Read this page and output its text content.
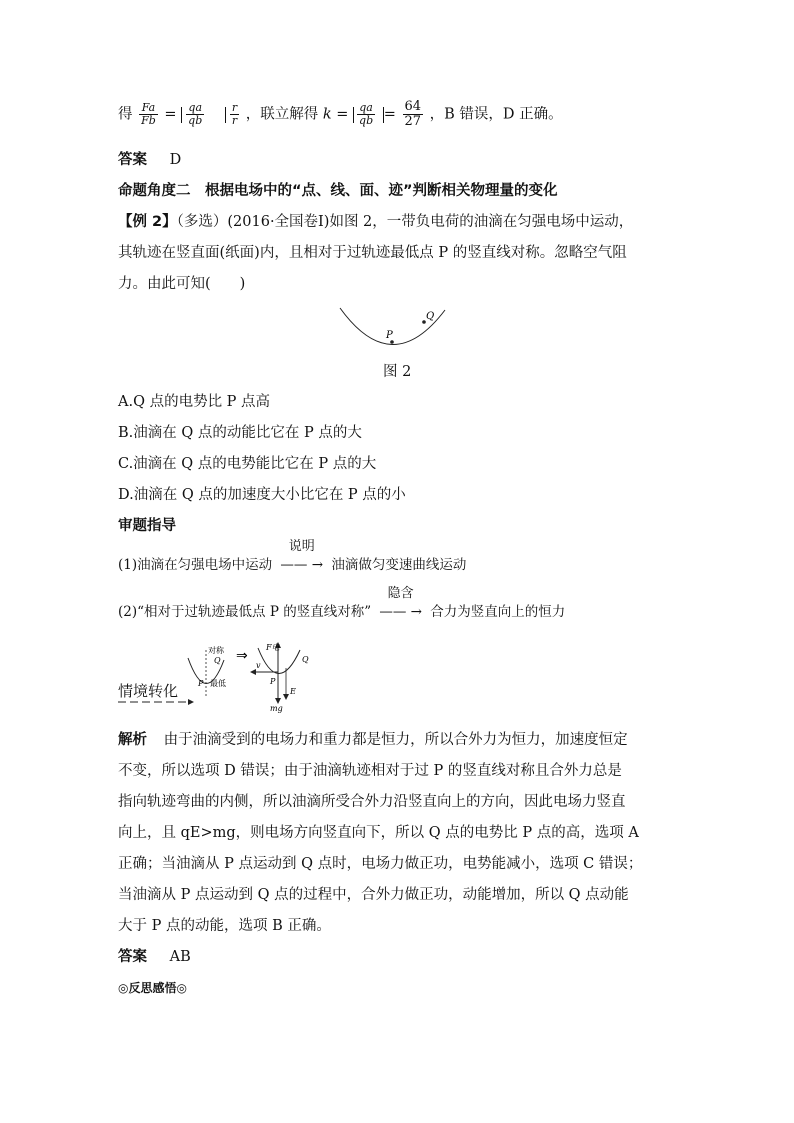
得 $\frac{Fa}{Fb} = \frac{qa}{qb}$
$\frac{r}{r}$ ，联立解得 $k = \frac{qa}{qb} = \frac{64}{27}$ ，B 错误，D 正确。
答案 D
命题角度二　根据电场中的“点、线、面、迹”判断相关物理量的变化
【例 2】（多选）(2016·全国卷Ⅰ)如图 2，一带负电荷的油滴在匀强电场中运动，
其轨迹在竖直面(纸面)内，且相对于过轨迹最低点 P 的竖直线对称。忽略空气阻
力。由此可知(　　)
P
Q
图 2
A.Q 点的电势比 P 点高
B.油滴在 Q 点的动能比它在 P 点的大
C.油滴在 Q 点的电势能比它在 P 点的大
D.油滴在 Q 点的加速度大小比它在 P 点的小
审题指导
(1)油滴在匀强电场中运动
说明
—— → 油滴做匀变速曲线运动
(2)“相对于过轨迹最低点 P 的竖直线对称”
隐含
—— → 合力为竖直向上的恒力
情境转化
对称
Q
P 最低
⇒
F电
mg
v
E
P
Q
解析 由于油滴受到的电场力和重力都是恒力，所以合外力为恒力，加速度恒定
不变，所以选项 D 错误；由于油滴轨迹相对于过 P 的竖直线对称且合外力总是
指向轨迹弯曲的内侧，所以油滴所受合外力沿竖直向上的方向，因此电场力竖直
向上，且 qE>mg，则电场方向竖直向下，所以 Q 点的电势比 P 点的高，选项 A
正确；当油滴从 P 点运动到 Q 点时，电场力做正功，电势能减小，选项 C 错误；
当油滴从 P 点运动到 Q 点的过程中，合外力做正功，动能增加，所以 Q 点动能
大于 P 点的动能，选项 B 正确。
答案 AB
◎反思感悟◎
